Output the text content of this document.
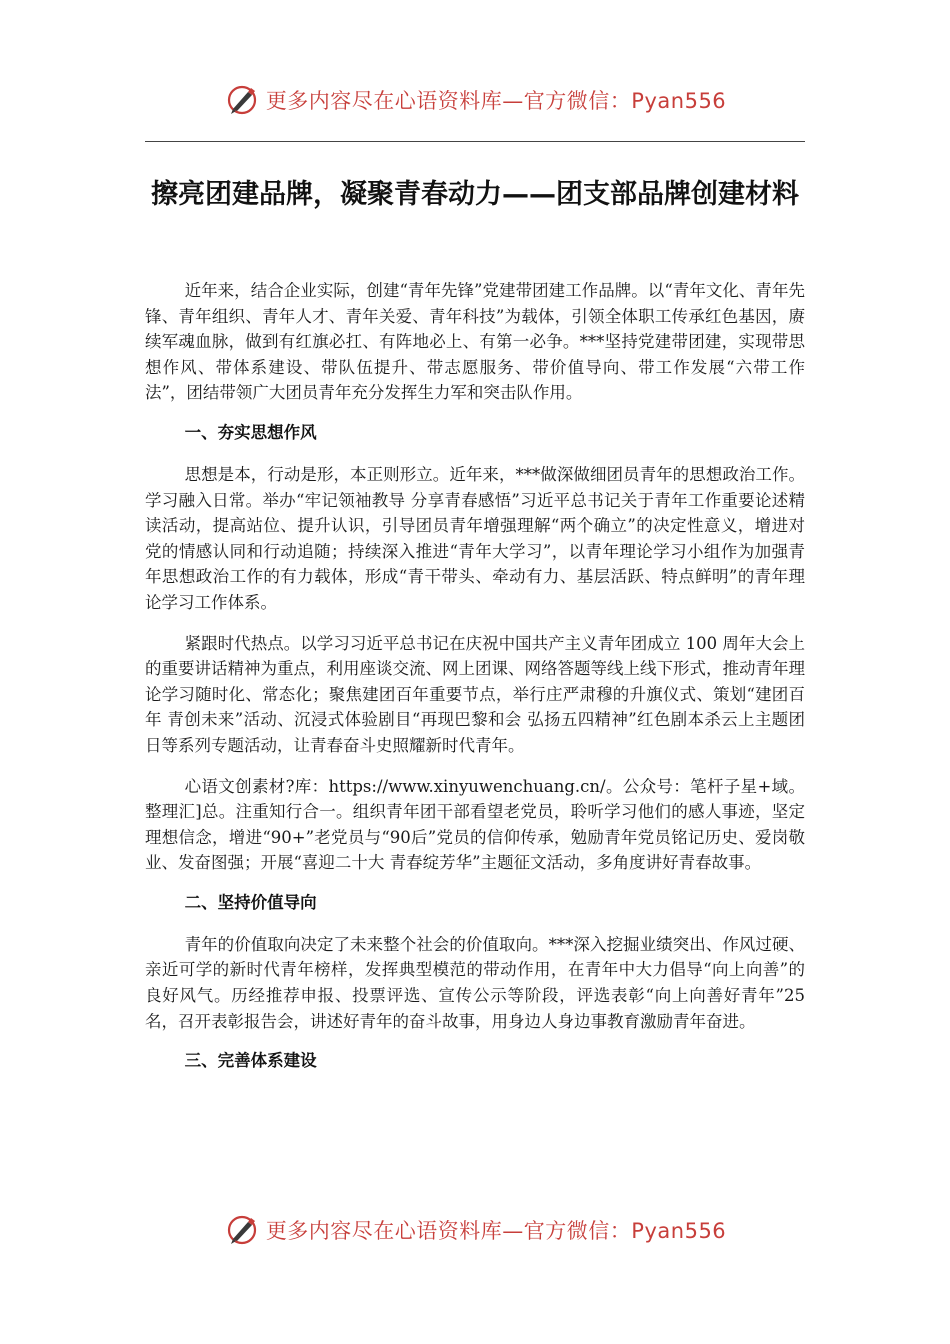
更多内容尽在心语资料库—官方微信：Pyan556
擦亮团建品牌，凝聚青春动力——团支部品牌创建材料

近年来，结合企业实际，创建“青年先锋”党建带团建工作品牌。以“青年文化、青年先锋、青年组织、青年人才、青年关爱、青年科技”为载体，引领全体职工传承红色基因，赓续军魂血脉，做到有红旗必扛、有阵地必上、有第一必争。***坚持党建带团建，实现带思想作风、带体系建设、带队伍提升、带志愿服务、带价值导向、带工作发展“六带工作法”，团结带领广大团员青年充分发挥生力军和突击队作用。

一、夯实思想作风

思想是本，行动是形，本正则形立。近年来，***做深做细团员青年的思想政治工作。学习融入日常。举办“牢记领袖教导 分享青春感悟”习近平总书记关于青年工作重要论述精读活动，提高站位、提升认识，引导团员青年增强理解“两个确立”的决定性意义，增进对党的情感认同和行动追随；持续深入推进“青年大学习”，以青年理论学习小组作为加强青年思想政治工作的有力载体，形成“青干带头、牵动有力、基层活跃、特点鲜明”的青年理论学习工作体系。

紧跟时代热点。以学习习近平总书记在庆祝中国共产主义青年团成立 100 周年大会上的重要讲话精神为重点，利用座谈交流、网上团课、网络答题等线上线下形式，推动青年理论学习随时化、常态化；聚焦建团百年重要节点，举行庄严肃穆的升旗仪式、策划“建团百年 青创未来”活动、沉浸式体验剧目“再现巴黎和会 弘扬五四精神”红色剧本杀云上主题团日等系列专题活动，让青春奋斗史照耀新时代青年。

心语文创素材?库：https://www.xinyuwenchuang.cn/。公众号：笔杆子星+域。整理汇]总。注重知行合一。组织青年团干部看望老党员，聆听学习他们的感人事迹，坚定理想信念，增进“90+”老党员与“90后”党员的信仰传承，勉励青年党员铭记历史、爱岗敬业、发奋图强；开展“喜迎二十大 青春绽芳华”主题征文活动，多角度讲好青春故事。

二、坚持价值导向

青年的价值取向决定了未来整个社会的价值取向。***深入挖掘业绩突出、作风过硬、亲近可学的新时代青年榜样，发挥典型模范的带动作用，在青年中大力倡导“向上向善”的良好风气。历经推荐申报、投票评选、宣传公示等阶段，评选表彰“向上向善好青年”25名，召开表彰报告会，讲述好青年的奋斗故事，用身边人身边事教育激励青年奋进。

三、完善体系建设

更多内容尽在心语资料库—官方微信：Pyan556
